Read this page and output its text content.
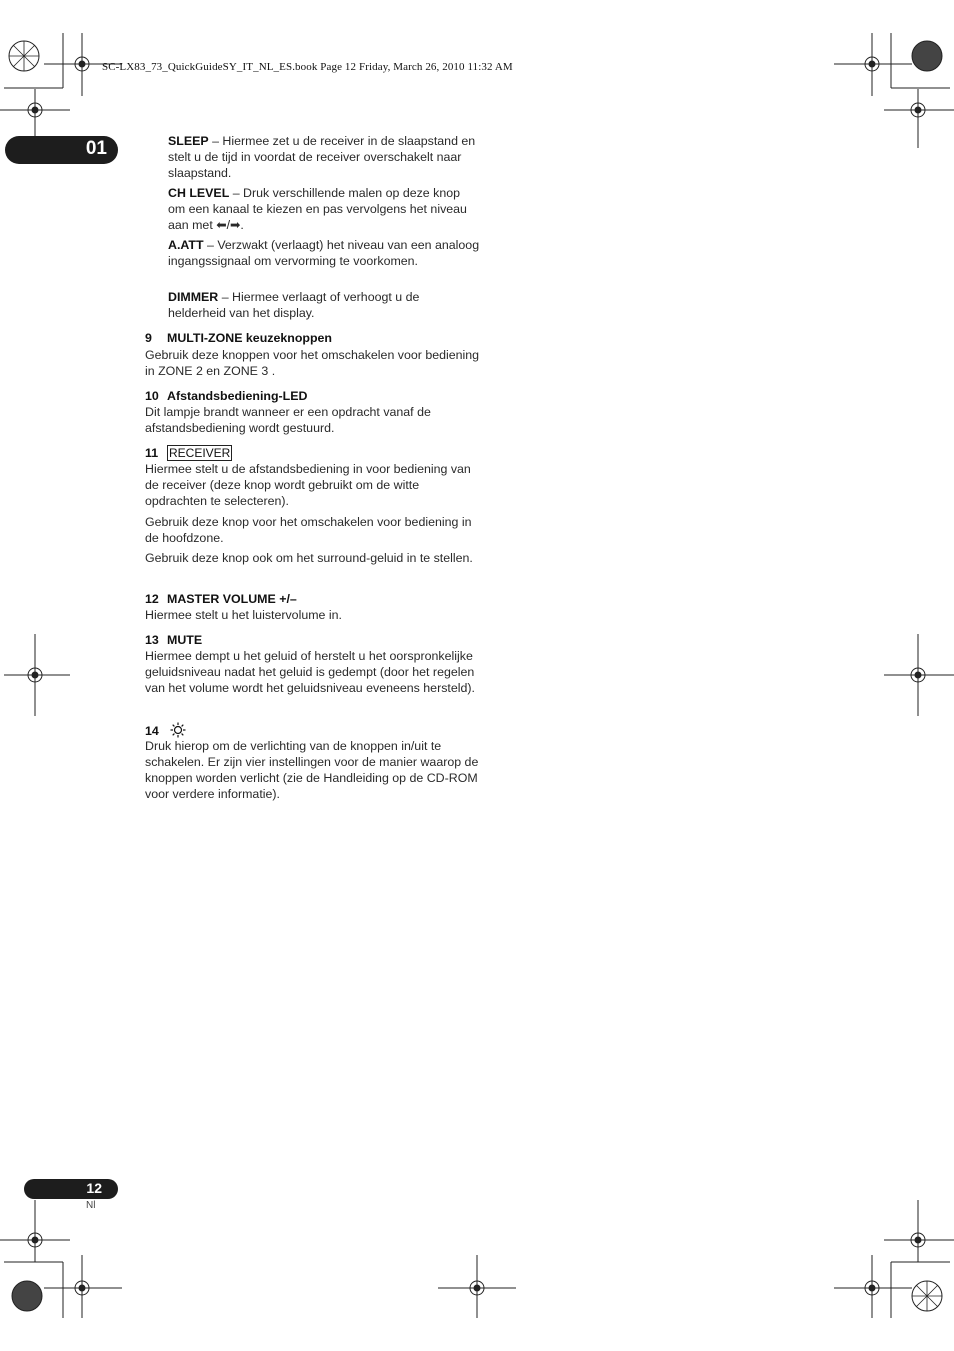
SC-LX83_73_QuickGuideSY_IT_NL_ES.book Page 12 Friday, March 26, 2010 11:32 AM
01	SLEEP – Hiermee zet u de receiver in de slaapstand en stelt u de tijd in voordat de receiver overschakelt naar slaapstand.
CH LEVEL – Druk verschillende malen op deze knop om een kanaal te kiezen en pas vervolgens het niveau aan met ⬅/➡.
A.ATT – Verzwakt (verlaagt) het niveau van een analoog ingangssignaal om vervorming te voorkomen.
DIMMER – Hiermee verlaagt of verhoogt u de helderheid van het display.
9 MULTI-ZONE keuzeknoppen
Gebruik deze knoppen voor het omschakelen voor bediening in ZONE 2 en ZONE 3 .
10 Afstandsbediening-LED
Dit lampje brandt wanneer er een opdracht vanaf de afstandsbediening wordt gestuurd.
11 RECEIVER
Hiermee stelt u de afstandsbediening in voor bediening van de receiver (deze knop wordt gebruikt om de witte opdrachten te selecteren).
Gebruik deze knop voor het omschakelen voor bediening in de hoofdzone.
Gebruik deze knop ook om het surround-geluid in te stellen.
12 MASTER VOLUME +/–
Hiermee stelt u het luistervolume in.
13 MUTE
Hiermee dempt u het geluid of herstelt u het oorspronkelijke geluidsniveau nadat het geluid is gedempt (door het regelen van het volume wordt het geluidsniveau eveneens hersteld).
14
Druk hierop om de verlichting van de knoppen in/uit te schakelen. Er zijn vier instellingen voor de manier waarop de knoppen worden verlicht (zie de Handleiding op de CD-ROM voor verdere informatie).
12
Nl
